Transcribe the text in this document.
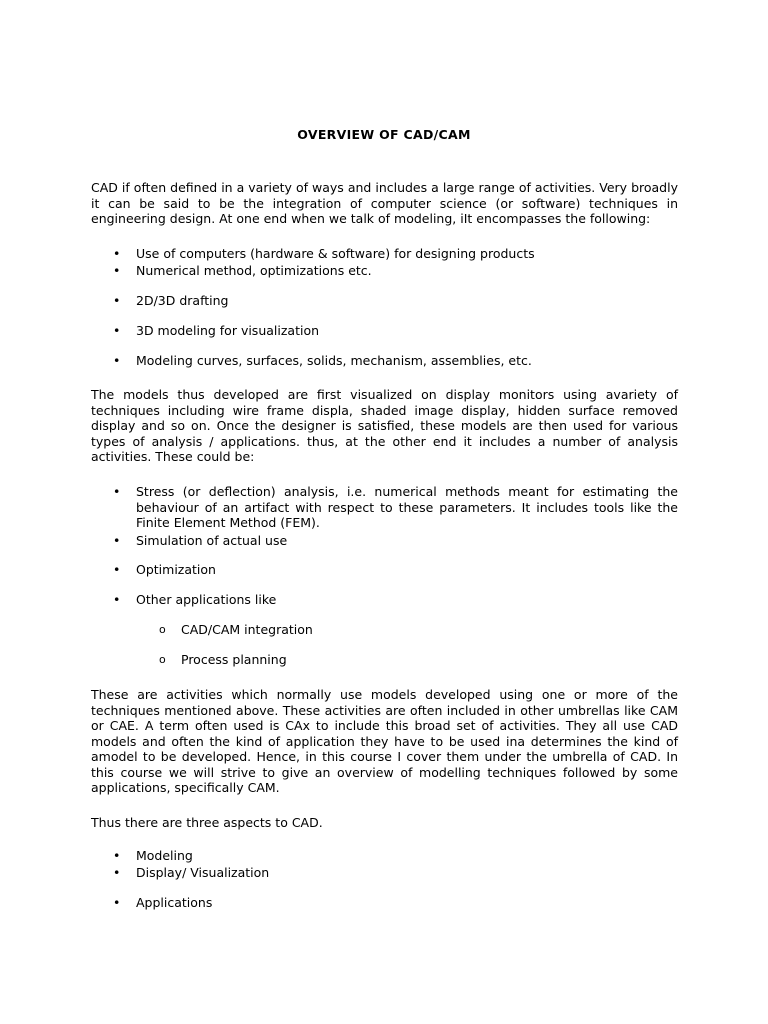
OVERVIEW OF CAD/CAM

CAD if often defined in a variety of ways and includes a large range of activities. Very broadly it can be said to be the integration of computer science (or software) techniques in engineering design. At one end when we talk of modeling, iIt encompasses the following:

•	Use of computers (hardware & software) for designing products

•	Numerical method, optimizations etc.

•	2D/3D drafting

•	3D modeling for visualization

•	Modeling curves, surfaces, solids, mechanism, assemblies, etc.

The models thus developed are first visualized on display monitors using avariety of techniques including wire frame displa, shaded image display, hidden surface removed display and so on. Once the designer is satisfied, these models are then used for various types of analysis / applications. thus, at the other end it includes a number of analysis activities. These could be:

•	Stress (or deflection) analysis, i.e. numerical methods meant for estimating the behaviour of an artifact with respect to these parameters. It includes tools like the Finite Element Method (FEM).

•	Simulation of actual use

•	Optimization

•	Other applications like

o CAD/CAM integration

o Process planning

These are activities which normally use models developed using one or more of the techniques mentioned above. These activities are often included in other umbrellas like CAM or CAE. A term often used is CAx to include this broad set of activities. They all use CAD models and often the kind of application they have to be used ina determines the kind of amodel to be developed. Hence, in this course I cover them under the umbrella of CAD. In this course we will strive to give an overview of modelling techniques followed by some applications, specifically CAM.

Thus there are three aspects to CAD.

•	Modeling

•	Display/ Visualization

•	Applications
